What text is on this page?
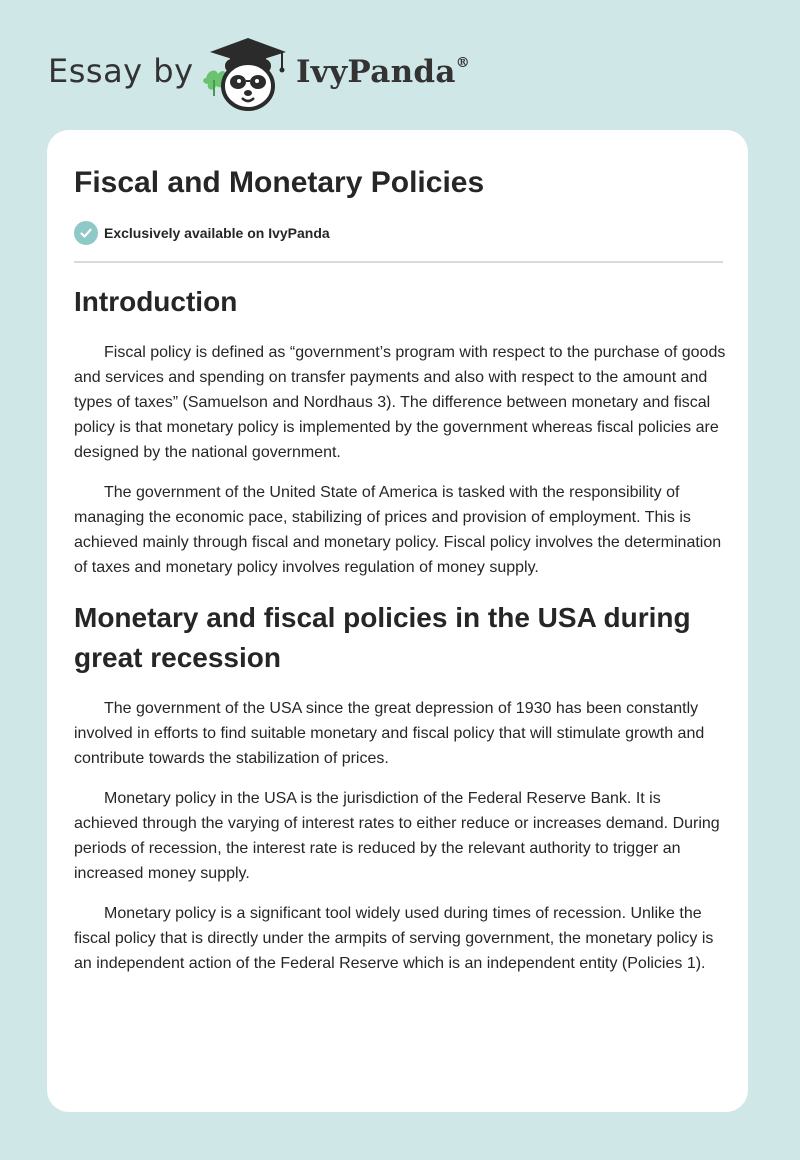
Essay by	IvyPanda®
Fiscal and Monetary Policies
Exclusively available on IvyPanda
Introduction

Fiscal policy is defined as “government’s program with respect to the purchase of goods and services and spending on transfer payments and also with respect to the amount and types of taxes” (Samuelson and Nordhaus 3). The difference between monetary and fiscal policy is that monetary policy is implemented by the government whereas fiscal policies are designed by the national government.

The government of the United State of America is tasked with the responsibility of managing the economic pace, stabilizing of prices and provision of employment. This is achieved mainly through fiscal and monetary policy. Fiscal policy involves the determination of taxes and monetary policy involves regulation of money supply.

Monetary and fiscal policies in the USA during great recession

The government of the USA since the great depression of 1930 has been constantly involved in efforts to find suitable monetary and fiscal policy that will stimulate growth and contribute towards the stabilization of prices.

Monetary policy in the USA is the jurisdiction of the Federal Reserve Bank. It is achieved through the varying of interest rates to either reduce or increases demand. During periods of recession, the interest rate is reduced by the relevant authority to trigger an increased money supply.

Monetary policy is a significant tool widely used during times of recession. Unlike the fiscal policy that is directly under the armpits of serving government, the monetary policy is an independent action of the Federal Reserve which is an independent entity (Policies 1).
